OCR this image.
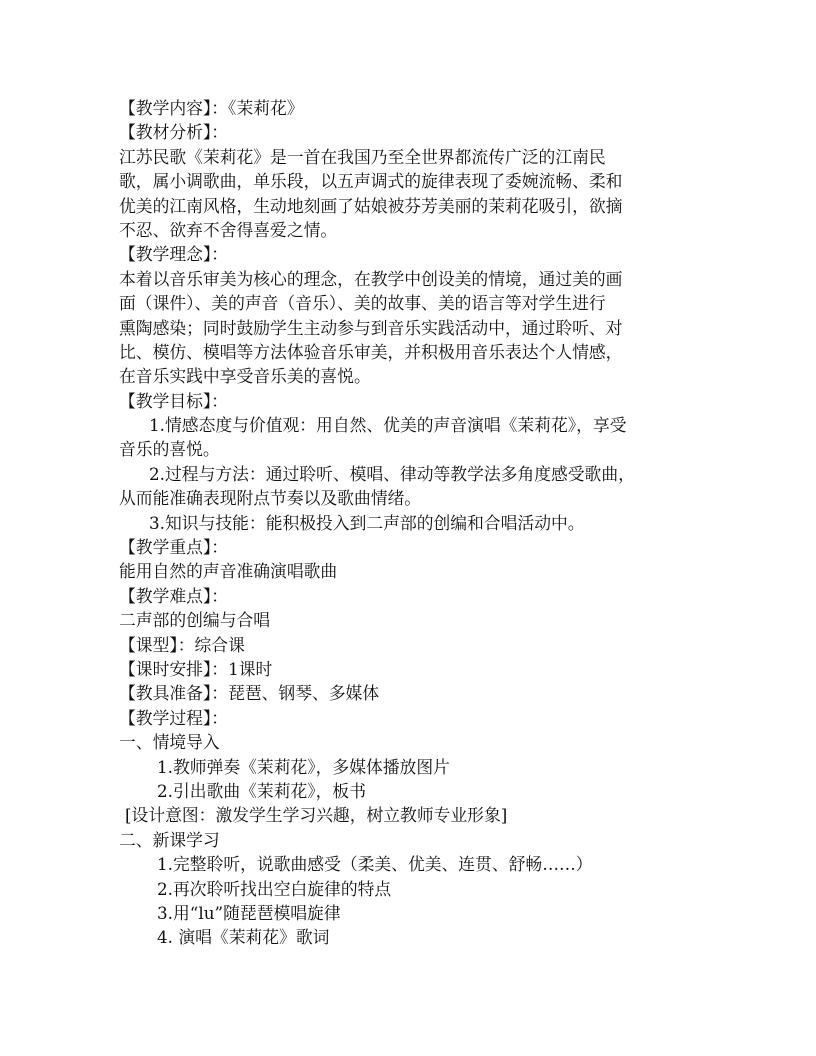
【教学内容】：《茉莉花》
【教材分析】：
江苏民歌《茉莉花》是一首在我国乃至全世界都流传广泛的江南民
歌，属小调歌曲，单乐段，以五声调式的旋律表现了委婉流畅、柔和
优美的江南风格，生动地刻画了姑娘被芬芳美丽的茉莉花吸引，欲摘
不忍、欲弃不舍得喜爱之情。
【教学理念】：
本着以音乐审美为核心的理念，在教学中创设美的情境，通过美的画
面（课件）、美的声音（音乐）、美的故事、美的语言等对学生进行
熏陶感染；同时鼓励学生主动参与到音乐实践活动中，通过聆听、对
比、模仿、模唱等方法体验音乐审美，并积极用音乐表达个人情感，
在音乐实践中享受音乐美的喜悦。
【教学目标】：
1.情感态度与价值观：用自然、优美的声音演唱《茉莉花》，享受
音乐的喜悦。
2.过程与方法：通过聆听、模唱、律动等教学法多角度感受歌曲，
从而能准确表现附点节奏以及歌曲情绪。
3.知识与技能：能积极投入到二声部的创编和合唱活动中。
【教学重点】：
能用自然的声音准确演唱歌曲
【教学难点】：
二声部的创编与合唱
【课型】：综合课
【课时安排】：1课时
【教具准备】：琵琶、钢琴、多媒体
【教学过程】：
一、情境导入
1.教师弹奏《茉莉花》，多媒体播放图片
2.引出歌曲《茉莉花》，板书
[设计意图：激发学生学习兴趣，树立教师专业形象]
二、新课学习
1.完整聆听，说歌曲感受（柔美、优美、连贯、舒畅……）
2.再次聆听找出空白旋律的特点
3.用“lu”随琵琶模唱旋律
4. 演唱《茉莉花》歌词
